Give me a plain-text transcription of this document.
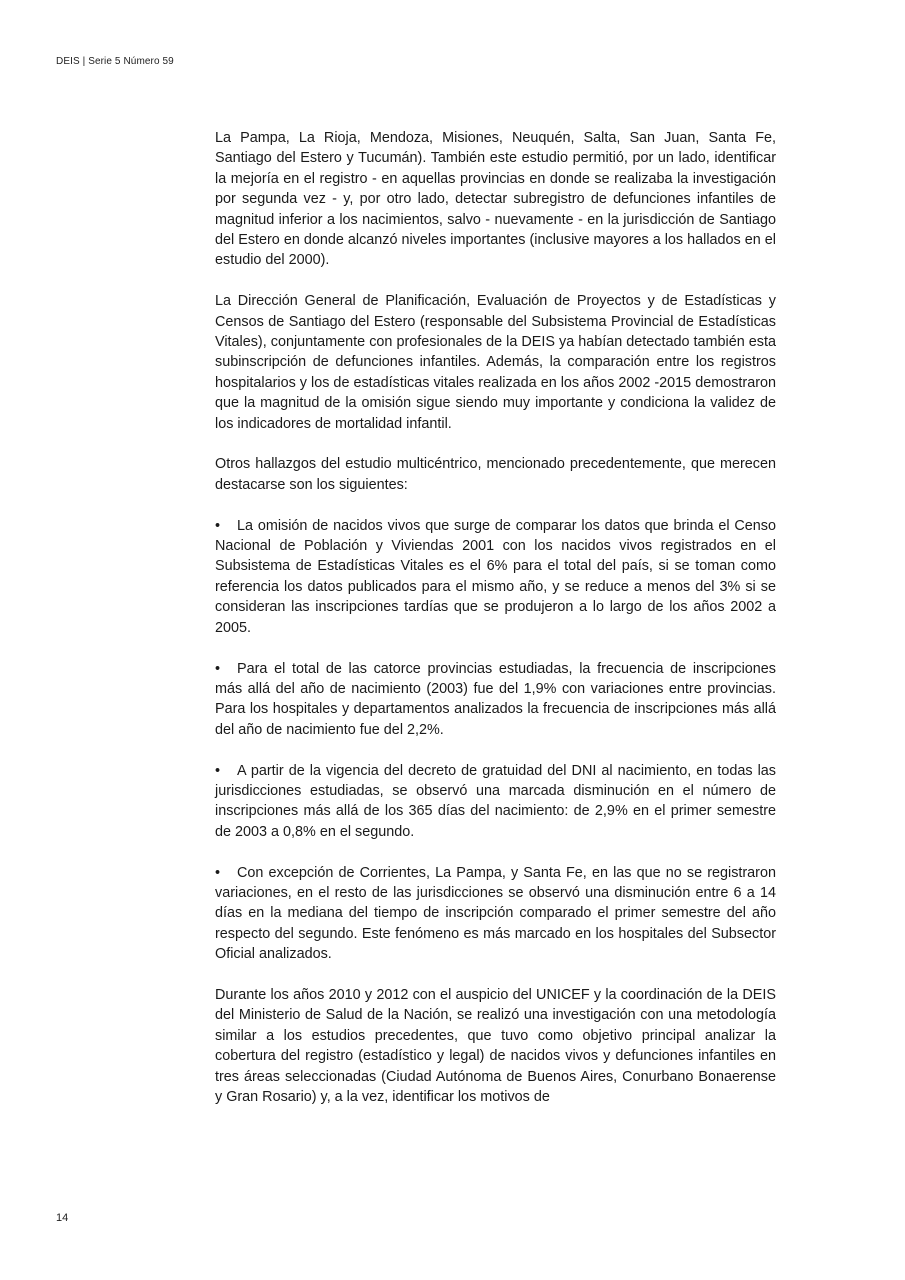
DEIS | Serie 5 Número 59

La Pampa, La Rioja, Mendoza, Misiones, Neuquén, Salta, San Juan, Santa Fe, Santiago del Estero y Tucumán). También este estudio permitió, por un lado, identificar la mejoría en el registro - en aquellas provincias en donde se realizaba la investigación por segunda vez - y, por otro lado, detectar subregistro de defunciones infantiles de magnitud inferior a los nacimientos, salvo - nuevamente - en la jurisdicción de Santiago del Estero en donde alcanzó niveles importantes (inclusive mayores a los hallados en el estudio del 2000).

La Dirección General de Planificación, Evaluación de Proyectos y de Estadísticas y Censos de Santiago del Estero (responsable del Subsistema Provincial de Estadísticas Vitales), conjuntamente con profesionales de la DEIS ya habían detectado también esta subinscripción de defunciones infantiles. Además, la comparación entre los registros hospitalarios y los de estadísticas vitales realizada en los años 2002 -2015 demostraron que la magnitud de la omisión sigue siendo muy importante y condiciona la validez de los indicadores de mortalidad infantil.

Otros hallazgos del estudio multicéntrico, mencionado precedentemente, que merecen destacarse son los siguientes:

• La omisión de nacidos vivos que surge de comparar los datos que brinda el Censo Nacional de Población y Viviendas 2001 con los nacidos vivos registrados en el Subsistema de Estadísticas Vitales es el 6% para el total del país, si se toman como referencia los datos publicados para el mismo año, y se reduce a menos del 3% si se consideran las inscripciones tardías que se produjeron a lo largo de los años 2002 a 2005.

• Para el total de las catorce provincias estudiadas, la frecuencia de inscripciones más allá del año de nacimiento (2003) fue del 1,9% con variaciones entre provincias. Para los hospitales y departamentos analizados la frecuencia de inscripciones más allá del año de nacimiento fue del 2,2%.

• A partir de la vigencia del decreto de gratuidad del DNI al nacimiento, en todas las jurisdicciones estudiadas, se observó una marcada disminución en el número de inscripciones más allá de los 365 días del nacimiento: de 2,9% en el primer semestre de 2003 a 0,8% en el segundo.

• Con excepción de Corrientes, La Pampa, y Santa Fe, en las que no se registraron variaciones, en el resto de las jurisdicciones se observó una disminución entre 6 a 14 días en la mediana del tiempo de inscripción comparado el primer semestre del año respecto del segundo. Este fenómeno es más marcado en los hospitales del Subsector Oficial analizados.

Durante los años 2010 y 2012 con el auspicio del UNICEF y la coordinación de la DEIS del Ministerio de Salud de la Nación, se realizó una investigación con una metodología similar a los estudios precedentes, que tuvo como objetivo principal analizar la cobertura del registro (estadístico y legal) de nacidos vivos y defunciones infantiles en tres áreas seleccionadas (Ciudad Autónoma de Buenos Aires, Conurbano Bonaerense y Gran Rosario) y, a la vez, identificar los motivos de

14
